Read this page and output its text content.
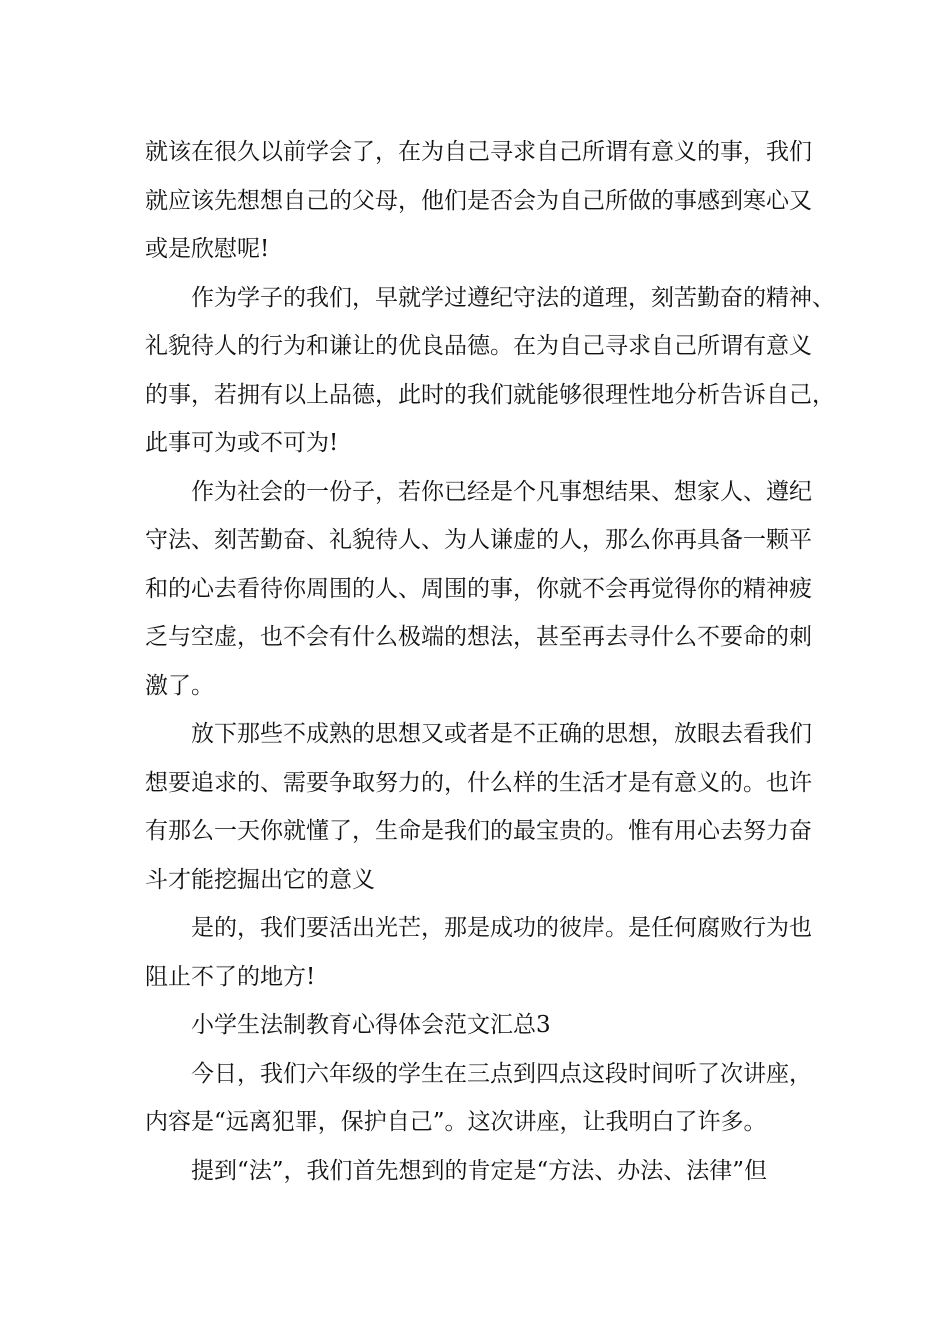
就该在很久以前学会了，在为自己寻求自己所谓有意义的事，我们
就应该先想想自己的父母，他们是否会为自己所做的事感到寒心又
或是欣慰呢!
作为学子的我们，早就学过遵纪守法的道理，刻苦勤奋的精神、
礼貌待人的行为和谦让的优良品德。在为自己寻求自己所谓有意义
的事，若拥有以上品德，此时的我们就能够很理性地分析告诉自己，
此事可为或不可为!
作为社会的一份子，若你已经是个凡事想结果、想家人、遵纪
守法、刻苦勤奋、礼貌待人、为人谦虚的人，那么你再具备一颗平
和的心去看待你周围的人、周围的事，你就不会再觉得你的精神疲
乏与空虚，也不会有什么极端的想法，甚至再去寻什么不要命的刺
激了。
放下那些不成熟的思想又或者是不正确的思想，放眼去看我们
想要追求的、需要争取努力的，什么样的生活才是有意义的。也许
有那么一天你就懂了，生命是我们的最宝贵的。惟有用心去努力奋
斗才能挖掘出它的意义
是的，我们要活出光芒，那是成功的彼岸。是任何腐败行为也
阻止不了的地方!
小学生法制教育心得体会范文汇总3
今日，我们六年级的学生在三点到四点这段时间听了次讲座，
内容是“远离犯罪，保护自己”。这次讲座，让我明白了许多。
提到“法”，我们首先想到的肯定是“方法、办法、法律”但
